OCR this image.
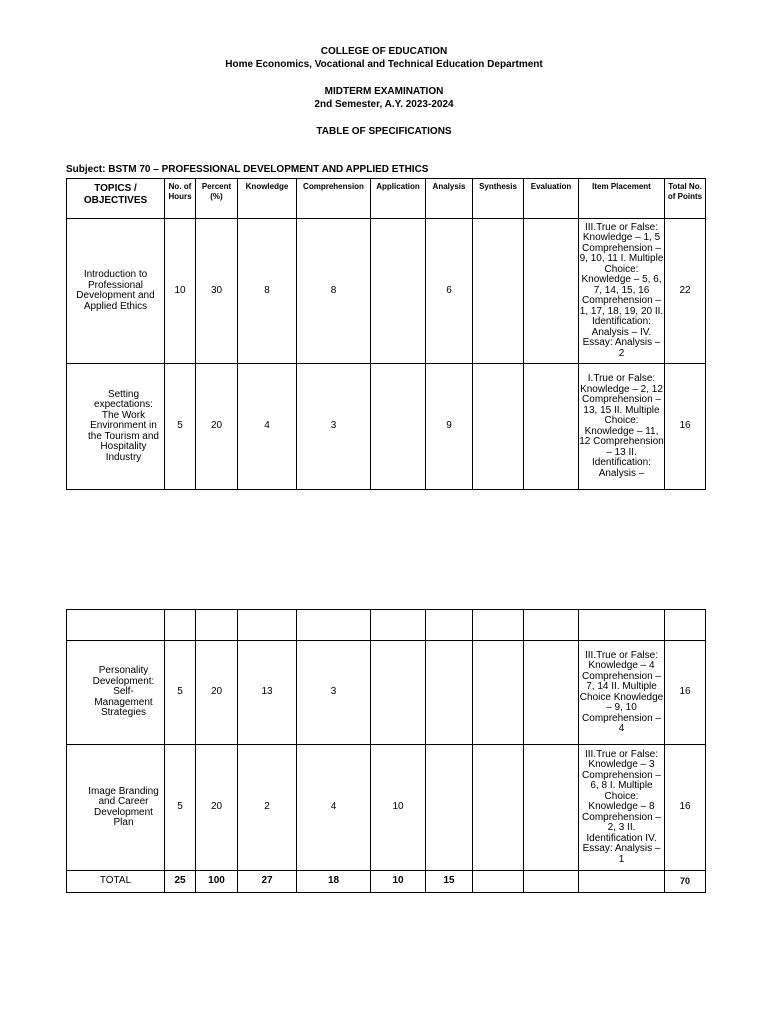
COLLEGE OF EDUCATION
Home Economics, Vocational and Technical Education Department
MIDTERM EXAMINATION
2nd Semester, A.Y. 2023-2024
TABLE OF SPECIFICATIONS
Subject: BSTM 70 – PROFESSIONAL DEVELOPMENT AND APPLIED ETHICS
TOPICS / OBJECTIVES	No. of Hours	Percent (%)	Knowledge	Comprehension	Application	Analysis	Synthesis	Evaluation	Item Placement	Total No. of Points

Introduction to Professional Development and Applied Ethics	10	30	8	8		6			III.True or False: Knowledge – 1, 5 Comprehension – 9, 10, 11 I. Multiple Choice: Knowledge – 5, 6, 7, 14, 15, 16 Comprehension – 1, 17, 18, 19, 20 II. Identification: Analysis – IV. Essay: Analysis – 2	22

Setting expectations: The Work Environment in the Tourism and Hospitality Industry	5	20	4	3		9			I.True or False: Knowledge – 2, 12 Comprehension – 13, 15 II. Multiple Choice: Knowledge – 11, 12 Comprehension – 13 II. Identification: Analysis –	16

Personality Development: Self-Management Strategies	5	20	13	3					III.True or False: Knowledge – 4 Comprehension – 7, 14 II. Multiple Choice Knowledge – 9, 10 Comprehension – 4	16

Image Branding and Career Development Plan	5	20	2	4	10				III.True or False: Knowledge – 3 Comprehension – 6, 8 I. Multiple Choice: Knowledge – 8 Comprehension – 2, 3 II. Identification IV. Essay: Analysis – 1	16
TOTAL	25	100	27	18	10	15				70
